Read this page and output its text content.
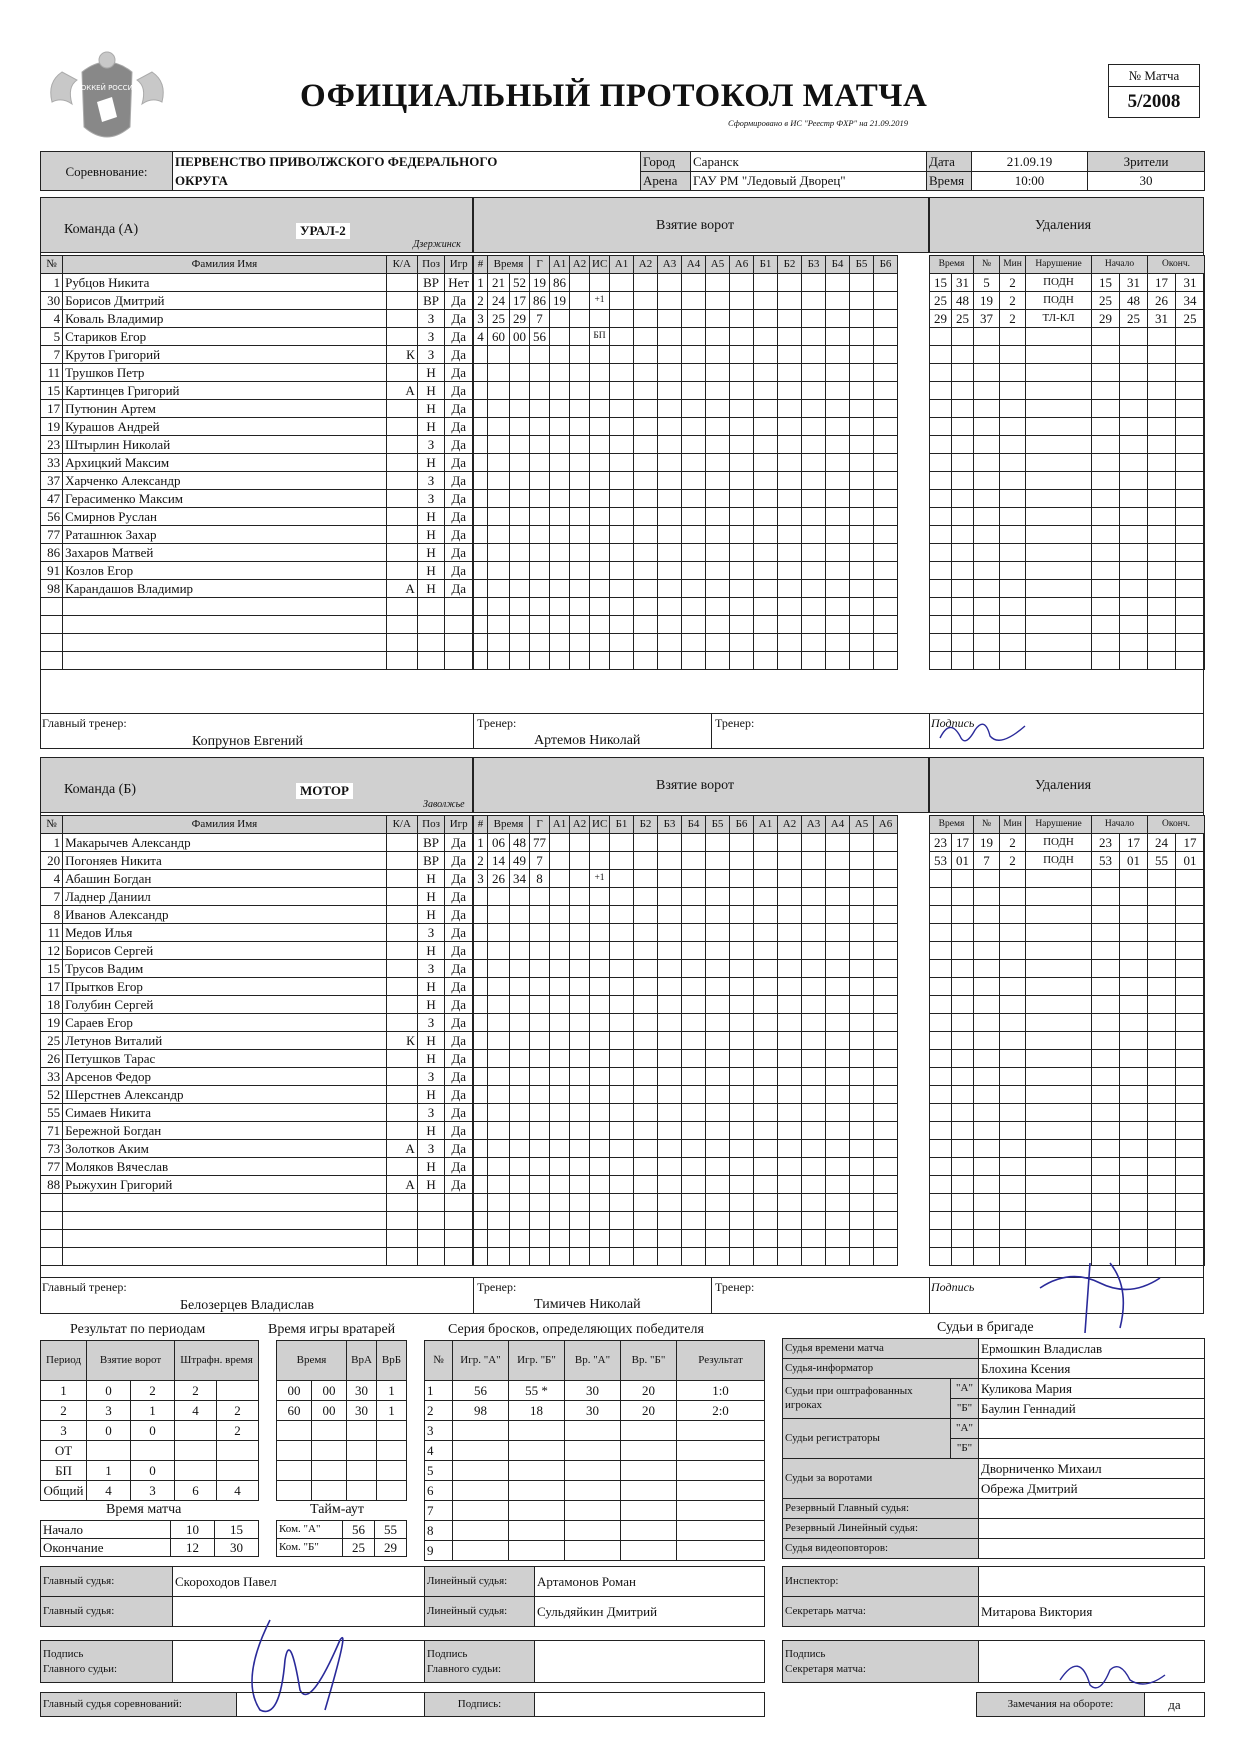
ХОККЕЙ РОССИИ	ОФИЦИАЛЬНЫЙ ПРОТОКОЛ МАТЧА
Сформировано в ИС "Реестр ФХР" на 21.09.2019
№ Матча
5/2008
Соревнование:	ПЕРВЕНСТВО ПРИВОЛЖСКОГО ФЕДЕРАЛЬНОГО	Город	Саранск	Дата	21.09.19	Зрители
	ОКРУГА	Арена	ГАУ РМ "Ледовый Дворец"	Время	10:00	30
Команда (А)	УРАЛ-2
Дзержинск
Взятие ворот	Удаления
№	Фамилия Имя	К/А	Поз	Игр
1	Рубцов Никита		ВР	Нет
30	Борисов Дмитрий		ВР	Да
4	Коваль Владимир		З	Да
5	Стариков Егор		З	Да
7	Крутов Григорий	К	З	Да
11	Трушков Петр		Н	Да
15	Картинцев Григорий	А	Н	Да
17	Путюнин Артем		Н	Да
19	Курашов Андрей		Н	Да
23	Штырлин Николай		З	Да
33	Архицкий Максим		Н	Да
37	Харченко Александр		З	Да
47	Герасименко Максим		З	Да
56	Смирнов Руслан		Н	Да
77	Раташнюк Захар		Н	Да
86	Захаров Матвей		Н	Да
91	Козлов Егор		Н	Да
98	Карандашов Владимир	А	Н	Да

#	Время		Г	А1	А2	ИС	А1	А2	А3	А4	А5	А6	Б1	Б2	Б3	Б4	Б5	Б6
1	21	52	19	86														
2	24	17	86	19		+1												
3	25	29	7															
4	60	00	56			БП												

Время		№	Мин	Нарушение	Начало		Оконч.	
15	31	5	2	ПОДН	15	31	17	31
25	48	19	2	ПОДН	25	48	26	34
29	25	37	2	ТЛ-КЛ	29	25	31	25

Главный тренер:
Копрунов Евгений
Тренер:
Артемов Николай
Тренер:	Подпись
Команда (Б)	МОТОР
Заволжье
Взятие ворот	Удаления
№	Фамилия Имя	К/А	Поз	Игр
1	Макарычев Александр		ВР	Да
20	Погоняев Никита		ВР	Да
4	Абашин Богдан		Н	Да
7	Ладнер Даниил		Н	Да
8	Иванов Александр		Н	Да
11	Медов Илья		З	Да
12	Борисов Сергей		Н	Да
15	Трусов Вадим		З	Да
17	Прытков Егор		Н	Да
18	Голубин Сергей		Н	Да
19	Сараев Егор		З	Да
25	Летунов Виталий	К	Н	Да
26	Петушков Тарас		Н	Да
33	Арсенов Федор		З	Да
52	Шерстнев Александр		Н	Да
55	Симаев Никита		З	Да
71	Бережной Богдан		Н	Да
73	Золотков Аким	А	З	Да
77	Моляков Вячеслав		Н	Да
88	Рыжухин Григорий	А	Н	Да

#	Время		Г	А1	А2	ИС	Б1	Б2	Б3	Б4	Б5	Б6	А1	А2	А3	А4	А5	А6
1	06	48	77															
2	14	49	7															
3	26	34	8			+1												

Время		№	Мин	Нарушение	Начало		Оконч.	
23	17	19	2	ПОДН	23	17	24	17
53	01	7	2	ПОДН	53	01	55	01

Главный тренер:
Белозерцев Владислав
Тренер:
Тимичев Николай
Тренер:	Подпись
Результат по периодам
Период	Взятие ворот		Штрафн. время	
1	0	2	2	
2	3	1	4	2
3	0	0		2
ОТ				
БП	1	0		
Общий	4	3	6	4
Время матча
Начало	10	15
Окончание	12	30
Время игры вратарей
Время		ВрА	ВрБ
00	00	30	1
60	00	30	1

Тайм-аут
Ком. "А"	56	55
Ком. "Б"	25	29
Серия бросков, определяющих победителя
№	Игр. "А"	Игр. "Б"	Вр. "А"	Вр. "Б"	Результат
1	56	55 *	30	20	1:0
2	98	18	30	20	2:0
3					
4					
5					
6					
7					
8					
9					
Судьи в бригаде
Судья времени матча		Ермошкин Владислав
Судья-информатор		Блохина Ксения
Судьи при оштрафованных игроках	"А"	Куликова Мария
	"Б"	Баулин Геннадий
Судьи регистраторы	"А"	
	"Б"	
Судьи за воротами		Дворниченко Михаил
		Обрежа Дмитрий
Резервный Главный судья:		
Резервный Линейный судья:		
Судья видеоповторов:		
Главный судья:	Скороходов Павел	Линейный судья:	Артамонов Роман
Главный судья:		Линейный судья:	Сульдяйкин Дмитрий
Инспектор:	
Секретарь матча:	Митарова Виктория
Подпись
Главного судьи:		Подпись
Главного судьи:	
Подпись
Секретаря матча:	
Главный судья соревнований:		Подпись:		Замечания на обороте:	да
